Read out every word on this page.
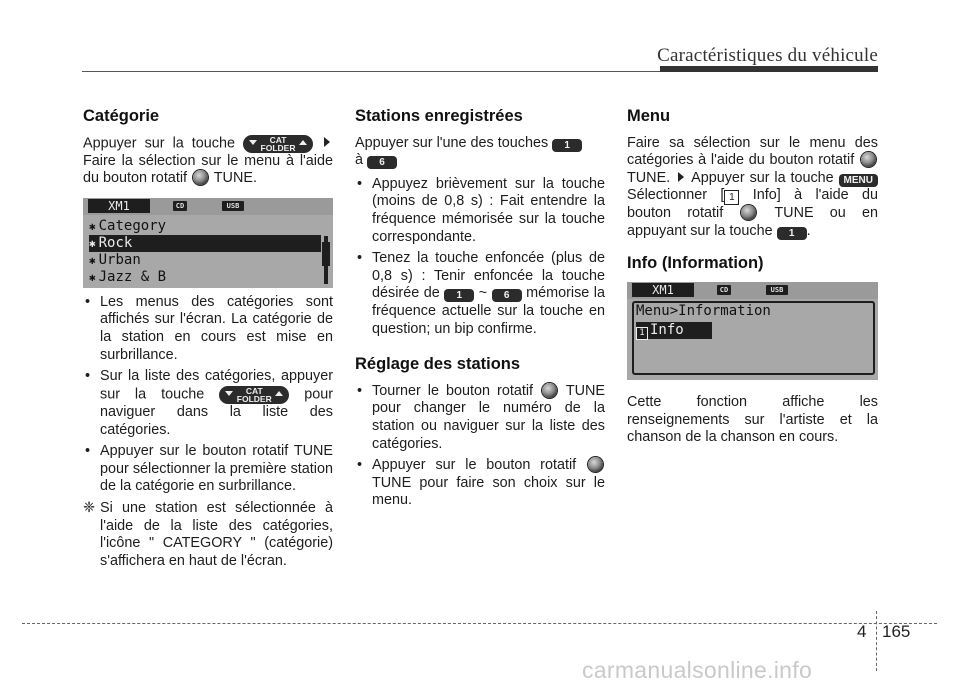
Caractéristiques du véhicule
Catégorie

Appuyer sur la touche	CAT
FOLDER
Faire la sélection sur le menu à l'aide du bouton rotatif TUNE.

XM1	CD	USB
✱ Category
✱ Rock
✱ Urban
✱ Jazz & B
• Les menus des catégories sont affichés sur l'écran. La catégorie de la station en cours est mise en surbrillance.
• Sur la liste des catégories, appuyer sur la touche	CAT
FOLDER pour naviguer dans la liste des catégories.
• Appuyer sur le bouton rotatif TUNE pour sélectionner la première station de la catégorie en surbrillance.
❈ Si une station est sélectionnée à l'aide de la liste des catégories, l'icône " CATEGORY " (catégorie) s'affichera en haut de l'écran.
Stations enregistrées

Appuyer sur l'une des touches 1
à 6

• Appuyez brièvement sur la touche (moins de 0,8 s) : Fait entendre la fréquence mémorisée sur la touche correspondante.
• Tenez la touche enfoncée (plus de 0,8 s) : Tenir enfoncée la touche désirée de 1 ~ 6 mémorise la fréquence actuelle sur la touche en question; un bip confirme.
Réglage des stations
• Tourner le bouton rotatif TUNE pour changer le numéro de la station ou naviguer sur la liste des catégories.
• Appuyer sur le bouton rotatif  TUNE pour faire son choix sur le menu.
Menu

Faire sa sélection sur le menu des catégories à l'aide du bouton rotatif  TUNE. Appuyer sur la touche MENU Sélectionner [ 1 Info] à l'aide du bouton rotatif	TUNE ou en appuyant sur la touche 1 .

Info (Information)
XM1	CD	USB
Menu>Information
1 Info

Cette fonction affiche les renseignements sur l'artiste et la chanson de la chanson en cours.

4 165
carmanualsonline.info
